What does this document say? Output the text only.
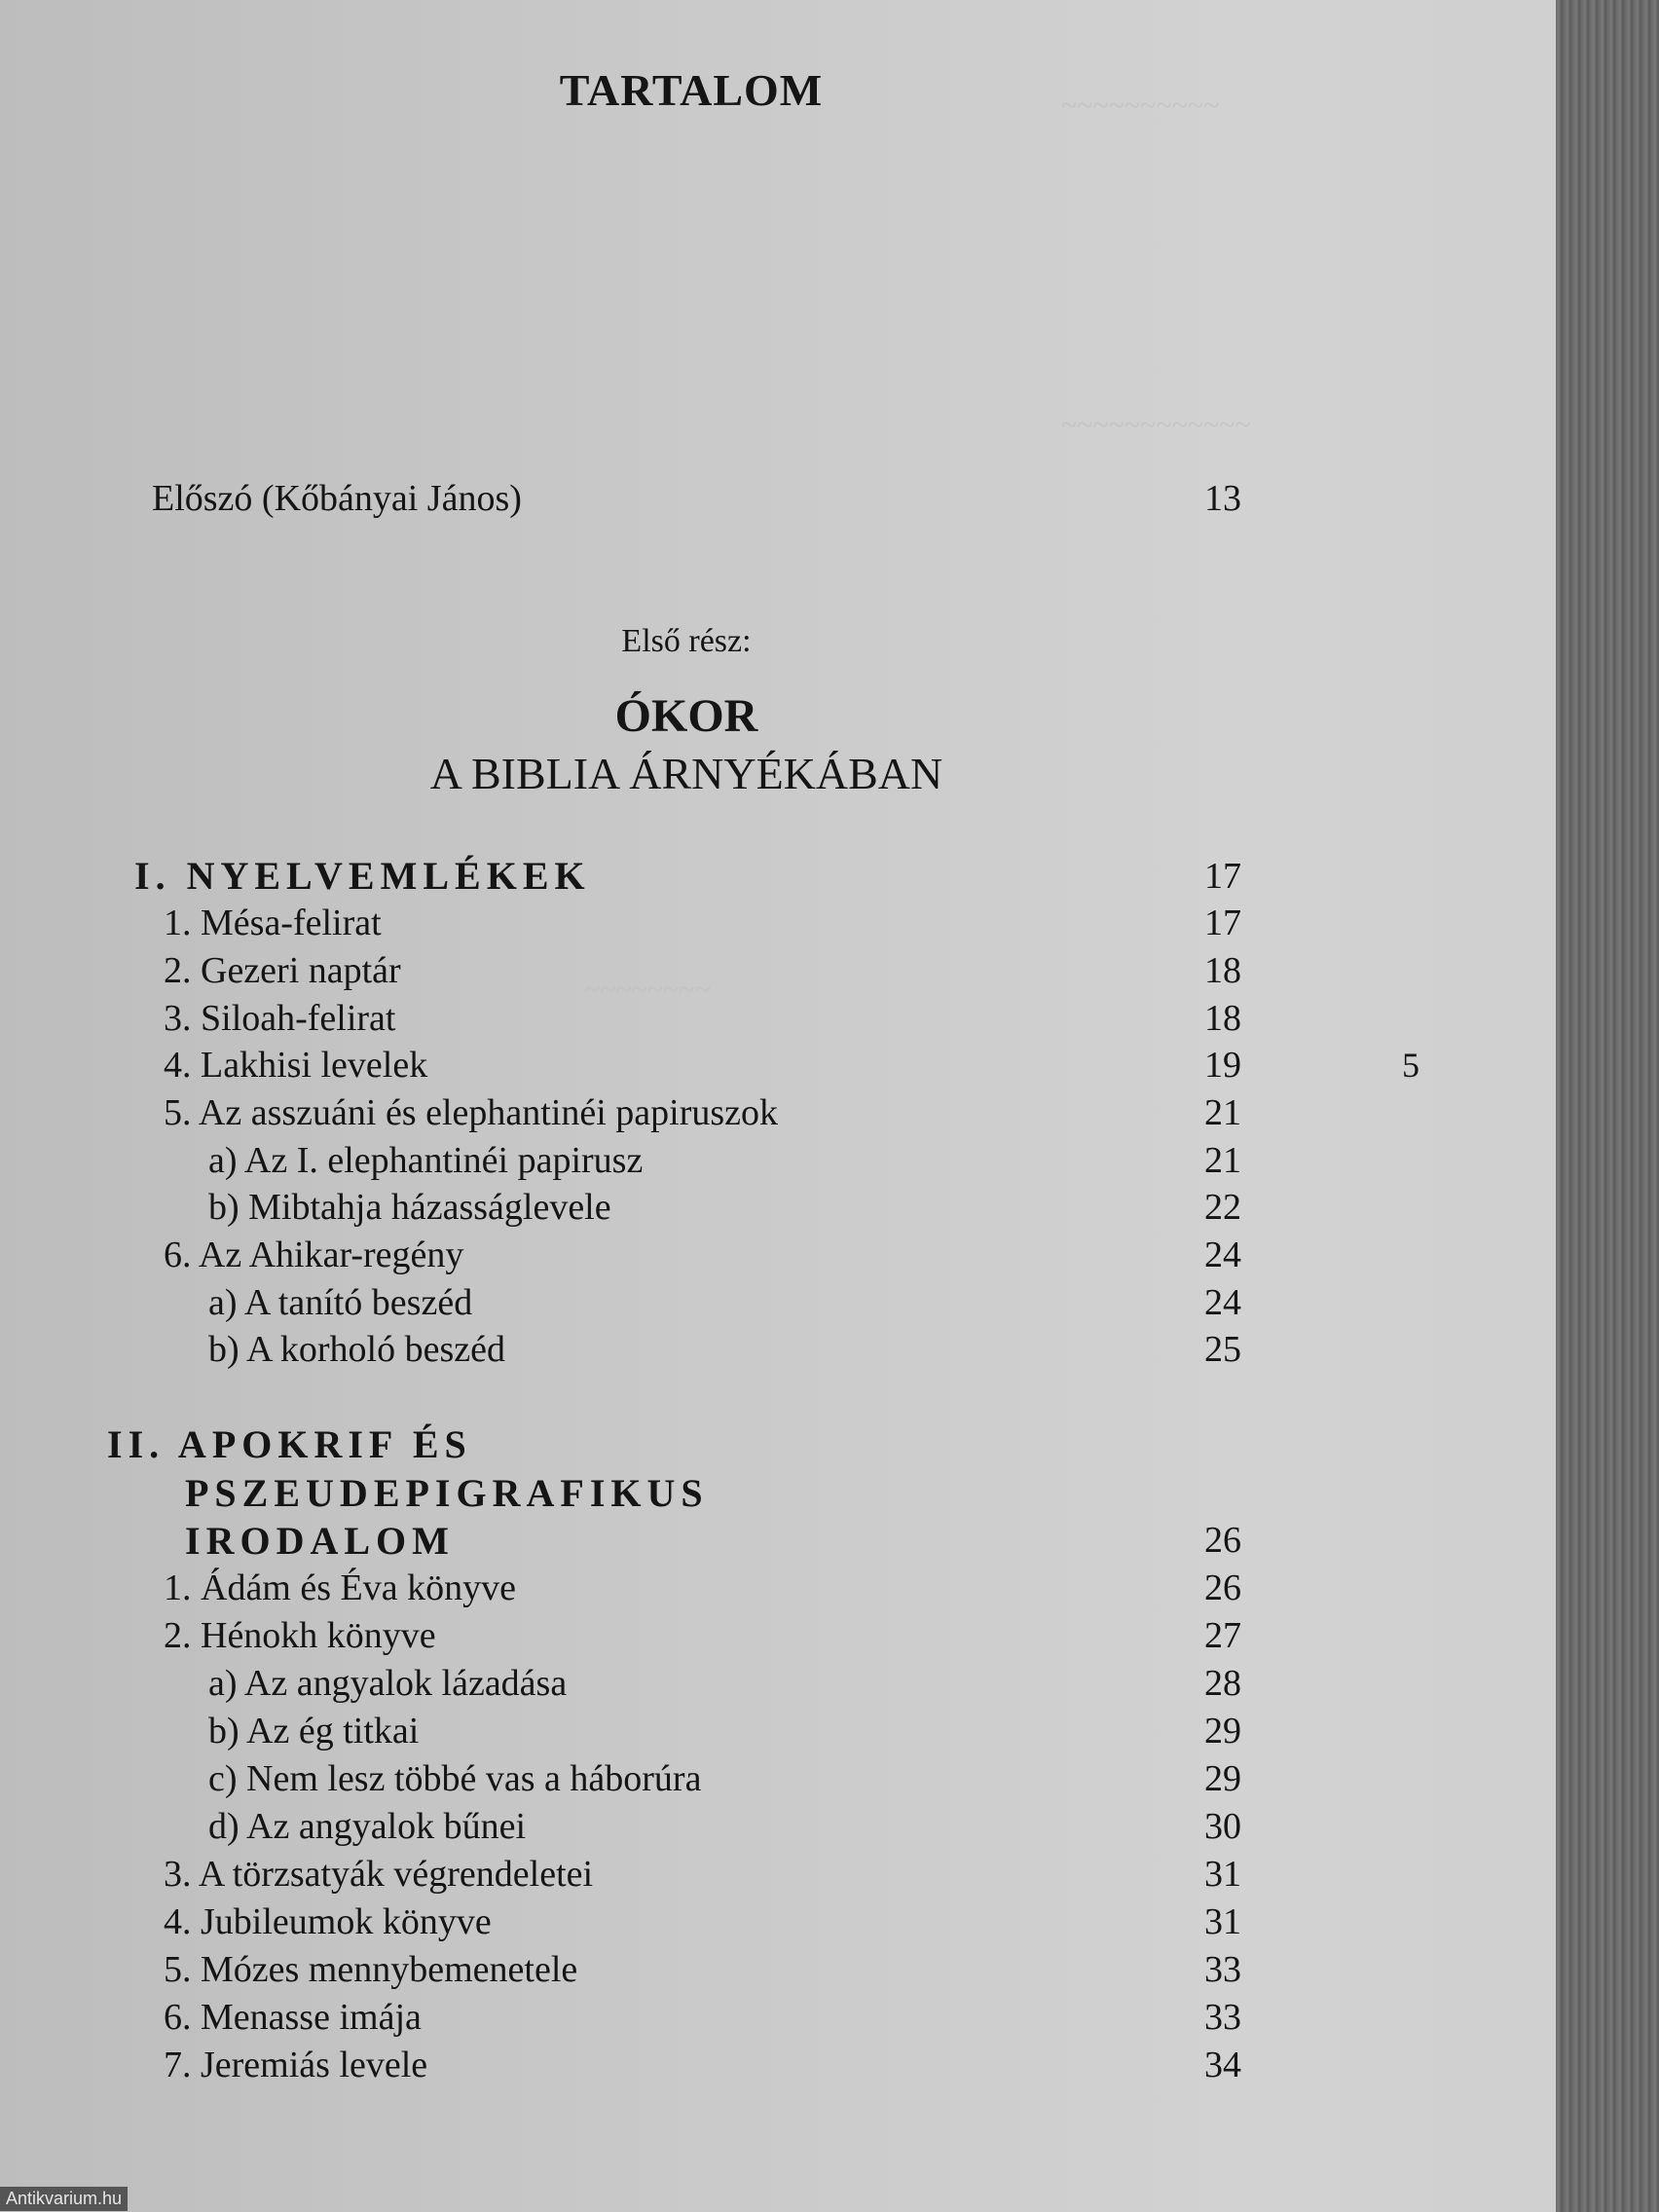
~~~~~~~~~~
~~~~~~~~~~~~
~~~~~~~~
TARTALOM
Előszó (Kőbányai János)	13
Első rész:
ÓKOR
A BIBLIA ÁRNYÉKÁBAN
I. NYELVEMLÉKEK	17
1. Mésa-felirat	17
2. Gezeri naptár	18
3. Siloah-felirat	18
4. Lakhisi levelek	19
5. Az asszuáni és elephantinéi papiruszok	21
a) Az I. elephantinéi papirusz	21
b) Mibtahja házasságlevele	22
6. Az Ahikar-regény	24
a) A tanító beszéd	24
b) A korholó beszéd	25
II. APOKRIF ÉS
PSZEUDEPIGRAFIKUS
IRODALOM	26
1. Ádám és Éva könyve	26
2. Hénokh könyve	27
a) Az angyalok lázadása	28
b) Az ég titkai	29
c) Nem lesz többé vas a háborúra	29
d) Az angyalok bűnei	30
3. A törzsatyák végrendeletei	31
4. Jubileumok könyve	31
5. Mózes mennybemenetele	33
6. Menasse imája	33
7. Jeremiás levele	34
5
Antikvarium.hu
